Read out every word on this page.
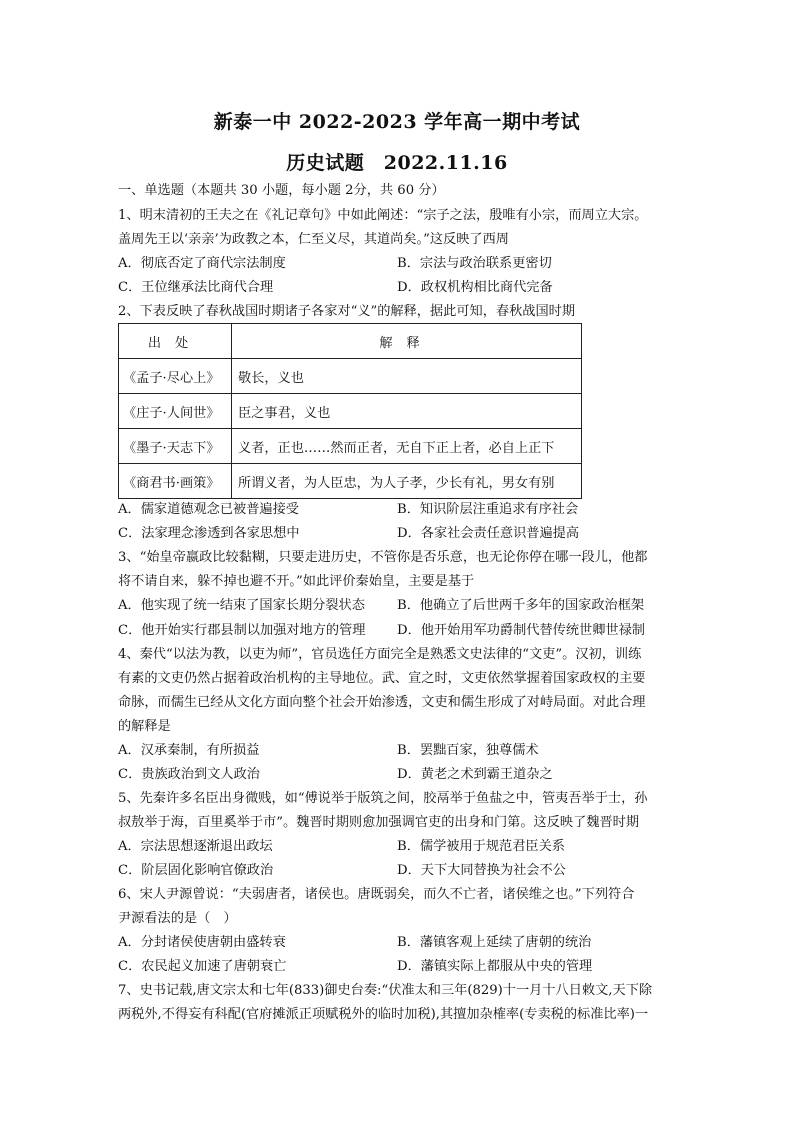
新泰一中 2022-2023 学年高一期中考试
历史试题　2022.11.16
一、单选题（本题共 30 小题，每小题 2分，共 60 分）
1、明末清初的王夫之在《礼记章句》中如此阐述：“宗子之法，殷唯有小宗，而周立大宗。
盖周先王以‘亲亲’为政教之本，仁至义尽，其道尚矣。”这反映了西周
A．彻底否定了商代宗法制度	B．宗法与政治联系更密切
C．王位继承法比商代合理	D．政权机构相比商代完备
2、下表反映了春秋战国时期诸子各家对“义”的解释，据此可知，春秋战国时期
出处	解释
《孟子·尽心上》	敬长，义也
《庄子·人间世》	臣之事君，义也
《墨子·天志下》	义者，正也……然而正者，无自下正上者，必自上正下
《商君书·画策》	所谓义者，为人臣忠，为人子孝，少长有礼，男女有别
A．儒家道德观念已被普遍接受	B．知识阶层注重追求有序社会
C．法家理念渗透到各家思想中	D．各家社会责任意识普遍提高
3、“始皇帝嬴政比较黏糊，只要走进历史，不管你是否乐意，也无论你停在哪一段儿，他都
将不请自来，躲不掉也避不开。”如此评价秦始皇，主要是基于
A．他实现了统一结束了国家长期分裂状态 B．他确立了后世两千多年的国家政治框架
C．他开始实行郡县制以加强对地方的管理 D．他开始用军功爵制代替传统世卿世禄制
4、秦代“以法为教，以吏为师”，官员选任方面完全是熟悉文史法律的“文吏”。汉初，训练
有素的文吏仍然占据着政治机构的主导地位。武、宣之时，文吏依然掌握着国家政权的主要
命脉，而儒生已经从文化方面向整个社会开始渗透，文吏和儒生形成了对峙局面。对此合理
的解释是
A．汉承秦制，有所损益	B．罢黜百家，独尊儒术
C．贵族政治到文人政治	D．黄老之术到霸王道杂之
5、先秦许多名臣出身微贱，如“傅说举于版筑之间，胶鬲举于鱼盐之中，管夷吾举于士，孙
叔敖举于海，百里奚举于市”。魏晋时期则愈加强调官吏的出身和门第。这反映了魏晋时期
A．宗法思想逐渐退出政坛	B．儒学被用于规范君臣关系
C．阶层固化影响官僚政治	D．天下大同替换为社会不公
6、宋人尹源曾说：“夫弱唐者，诸侯也。唐既弱矣，而久不亡者，诸侯维之也。”下列符合
尹源看法的是（　）
A．分封诸侯使唐朝由盛转衰	B．藩镇客观上延续了唐朝的统治
C．农民起义加速了唐朝衰亡	D．藩镇实际上都服从中央的管理
7、史书记载,唐文宗太和七年(833)御史台奏:“伏准太和三年(829)十一月十八日敕文,天下除
两税外,不得妄有科配(官府摊派正项赋税外的临时加税),其擅加杂榷率(专卖税的标准比率)一
